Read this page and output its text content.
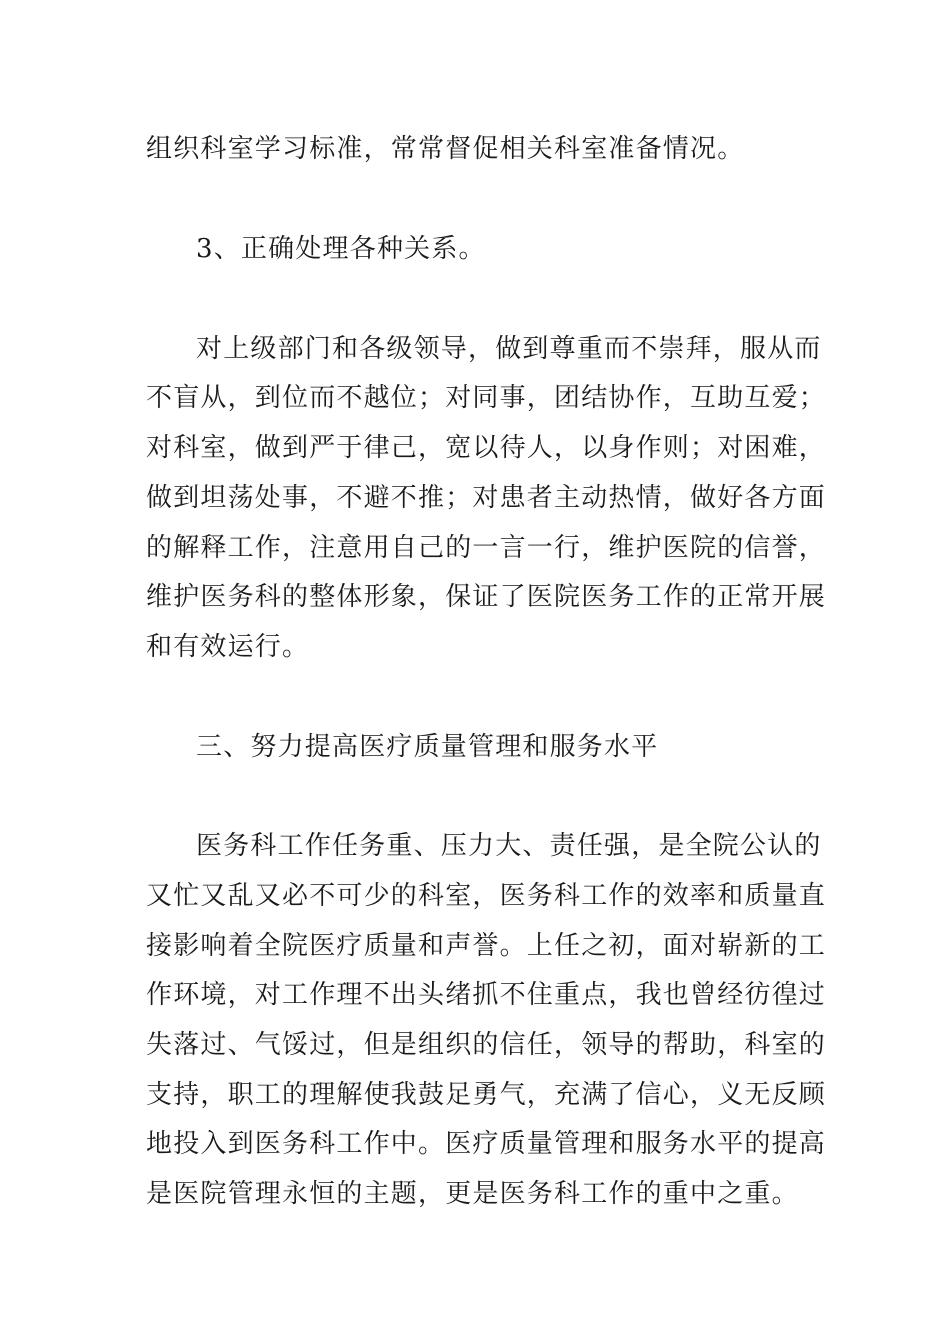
组织科室学习标准，常常督促相关科室准备情况。
3、正确处理各种关系。
对上级部门和各级领导，做到尊重而不崇拜，服从而
不盲从，到位而不越位；对同事，团结协作，互助互爱；
对科室，做到严于律己，宽以待人，以身作则；对困难，
做到坦荡处事，不避不推；对患者主动热情，做好各方面
的解释工作，注意用自己的一言一行，维护医院的信誉，
维护医务科的整体形象，保证了医院医务工作的正常开展
和有效运行。
三、努力提高医疗质量管理和服务水平
医务科工作任务重、压力大、责任强，是全院公认的
又忙又乱又必不可少的科室，医务科工作的效率和质量直
接影响着全院医疗质量和声誉。上任之初，面对崭新的工
作环境，对工作理不出头绪抓不住重点，我也曾经彷徨过
失落过、气馁过，但是组织的信任，领导的帮助，科室的
支持，职工的理解使我鼓足勇气，充满了信心，义无反顾
地投入到医务科工作中。医疗质量管理和服务水平的提高
是医院管理永恒的主题，更是医务科工作的重中之重。
